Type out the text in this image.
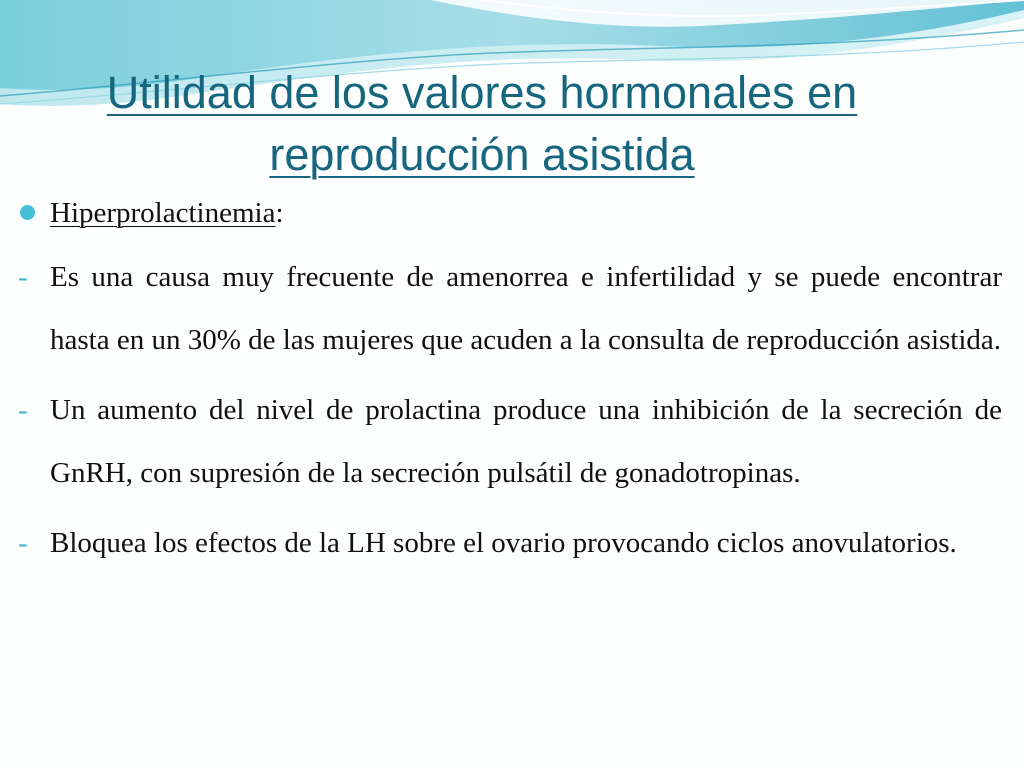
Utilidad de los valores hormonales en
reproducción asistida
Hiperprolactinemia:
- Es una causa muy frecuente de amenorrea e infertilidad y se puede encontrar hasta en un 30% de las mujeres que acuden a la consulta de reproducción asistida.
- Un aumento del nivel de prolactina produce una inhibición de la secreción de GnRH, con supresión de la secreción pulsátil de gonadotropinas.
- Bloquea los efectos de la LH sobre el ovario provocando ciclos anovulatorios.
